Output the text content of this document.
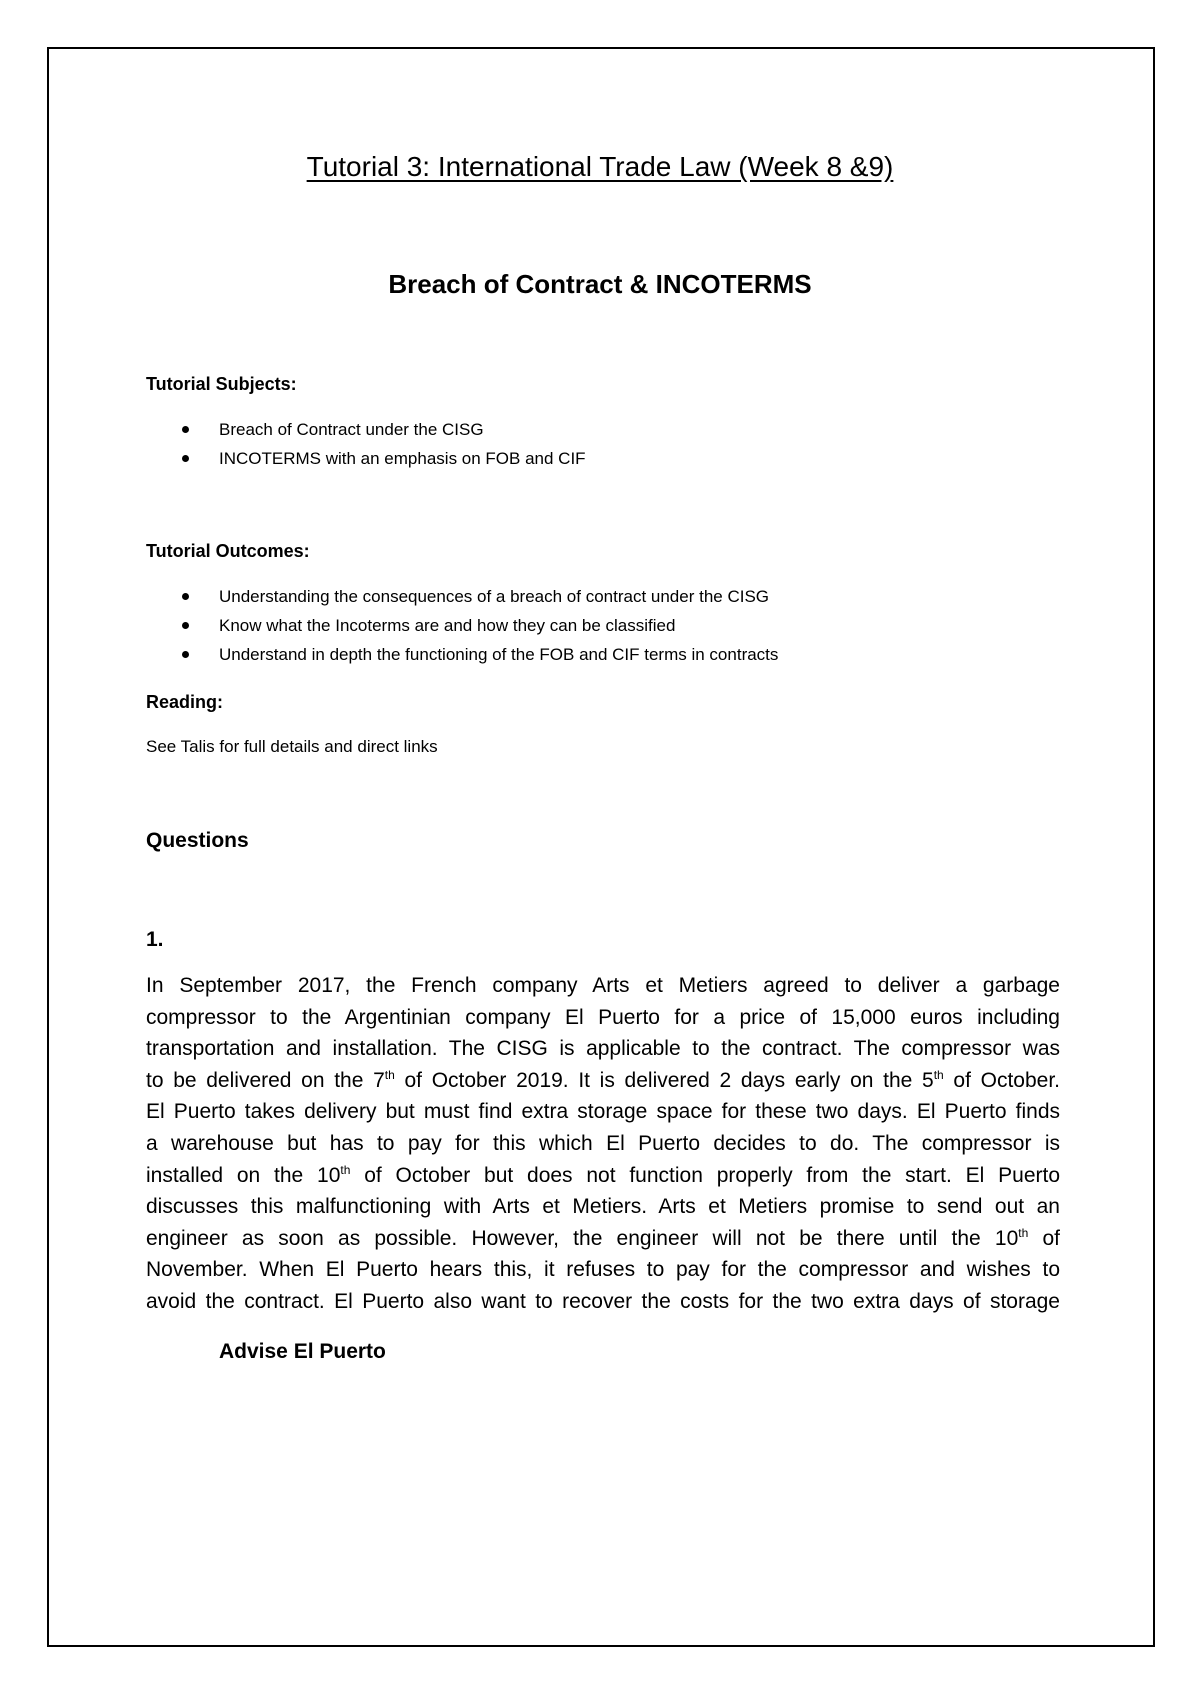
Tutorial 3: International Trade Law (Week 8 &9)
Breach of Contract & INCOTERMS
Tutorial Subjects:
Breach of Contract under the CISG
INCOTERMS with an emphasis on FOB and CIF
Tutorial Outcomes:
Understanding the consequences of a breach of contract under the CISG
Know what the Incoterms are and how they can be classified
Understand in depth the functioning of the FOB and CIF terms in contracts
Reading:
See Talis for full details and direct links
Questions
1.
In September 2017, the French company Arts et Metiers agreed to deliver a garbage
compressor to the Argentinian company El Puerto for a price of 15,000 euros including
transportation and installation. The CISG is applicable to the contract. The compressor was
to be delivered on the 7th of October 2019. It is delivered 2 days early on the 5th of October.
El Puerto takes delivery but must find extra storage space for these two days. El Puerto finds
a warehouse but has to pay for this which El Puerto decides to do. The compressor is
installed on the 10th of October but does not function properly from the start. El Puerto
discusses this malfunctioning with Arts et Metiers. Arts et Metiers promise to send out an
engineer as soon as possible. However, the engineer will not be there until the 10th of
November. When El Puerto hears this, it refuses to pay for the compressor and wishes to
avoid the contract. El Puerto also want to recover the costs for the two extra days of storage
Advise El Puerto
